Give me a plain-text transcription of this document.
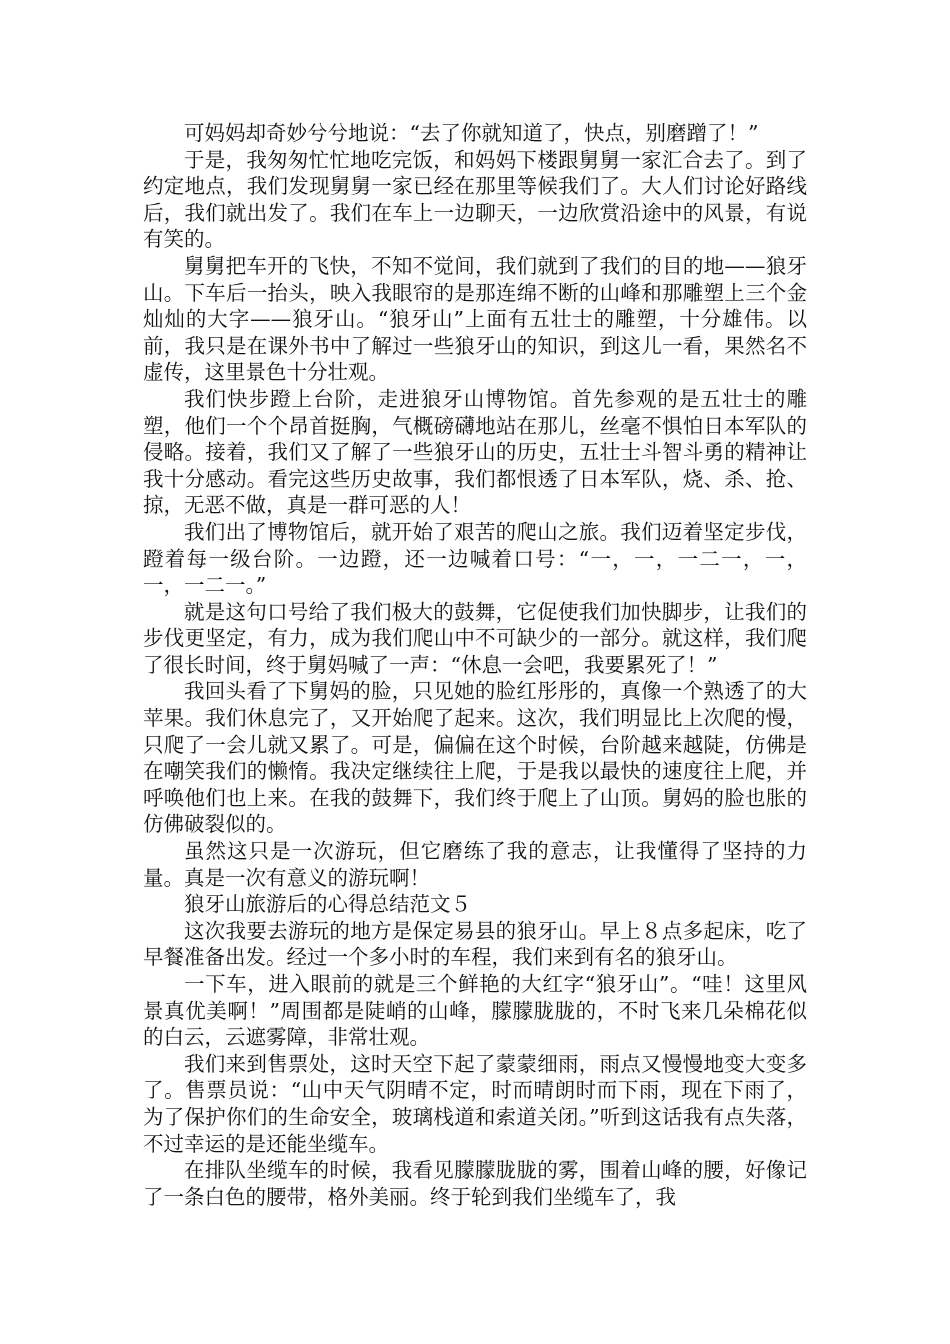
可妈妈却奇妙兮兮地说：“去了你就知道了，快点，别磨蹭了！”

于是，我匆匆忙忙地吃完饭，和妈妈下楼跟舅舅一家汇合去了。到了约定地点，我们发现舅舅一家已经在那里等候我们了。大人们讨论好路线后，我们就出发了。我们在车上一边聊天，一边欣赏沿途中的风景，有说有笑的。

舅舅把车开的飞快，不知不觉间，我们就到了我们的目的地——狼牙山。下车后一抬头，映入我眼帘的是那连绵不断的山峰和那雕塑上三个金灿灿的大字——狼牙山。“狼牙山”上面有五壮士的雕塑，十分雄伟。以前，我只是在课外书中了解过一些狼牙山的知识，到这儿一看，果然名不虚传，这里景色十分壮观。

我们快步蹬上台阶，走进狼牙山博物馆。首先参观的是五壮士的雕塑，他们一个个昂首挺胸，气概磅礴地站在那儿，丝毫不惧怕日本军队的侵略。接着，我们又了解了一些狼牙山的历史，五壮士斗智斗勇的精神让我十分感动。看完这些历史故事，我们都恨透了日本军队，烧、杀、抢、掠，无恶不做，真是一群可恶的人！

我们出了博物馆后，就开始了艰苦的爬山之旅。我们迈着坚定步伐，蹬着每一级台阶。一边蹬，还一边喊着口号：“一，一，一二一，一，一，一二一。”

就是这句口号给了我们极大的鼓舞，它促使我们加快脚步，让我们的步伐更坚定，有力，成为我们爬山中不可缺少的一部分。就这样，我们爬了很长时间，终于舅妈喊了一声：“休息一会吧，我要累死了！”

我回头看了下舅妈的脸，只见她的脸红彤彤的，真像一个熟透了的大苹果。我们休息完了，又开始爬了起来。这次，我们明显比上次爬的慢，只爬了一会儿就又累了。可是，偏偏在这个时候，台阶越来越陡，仿佛是在嘲笑我们的懒惰。我决定继续往上爬，于是我以最快的速度往上爬，并呼唤他们也上来。在我的鼓舞下，我们终于爬上了山顶。舅妈的脸也胀的仿佛破裂似的。

虽然这只是一次游玩，但它磨练了我的意志，让我懂得了坚持的力量。真是一次有意义的游玩啊！

狼牙山旅游后的心得总结范文５

这次我要去游玩的地方是保定易县的狼牙山。早上８点多起床，吃了早餐准备出发。经过一个多小时的车程，我们来到有名的狼牙山。

一下车，进入眼前的就是三个鲜艳的大红字“狼牙山”。“哇！这里风景真优美啊！”周围都是陡峭的山峰，朦朦胧胧的，不时飞来几朵棉花似的白云，云遮雾障，非常壮观。

我们来到售票处，这时天空下起了蒙蒙细雨，雨点又慢慢地变大变多了。售票员说：“山中天气阴晴不定，时而晴朗时而下雨，现在下雨了，为了保护你们的生命安全，玻璃栈道和索道关闭。”听到这话我有点失落，不过幸运的是还能坐缆车。

在排队坐缆车的时候，我看见朦朦胧胧的雾，围着山峰的腰，好像记了一条白色的腰带，格外美丽。终于轮到我们坐缆车了，我
